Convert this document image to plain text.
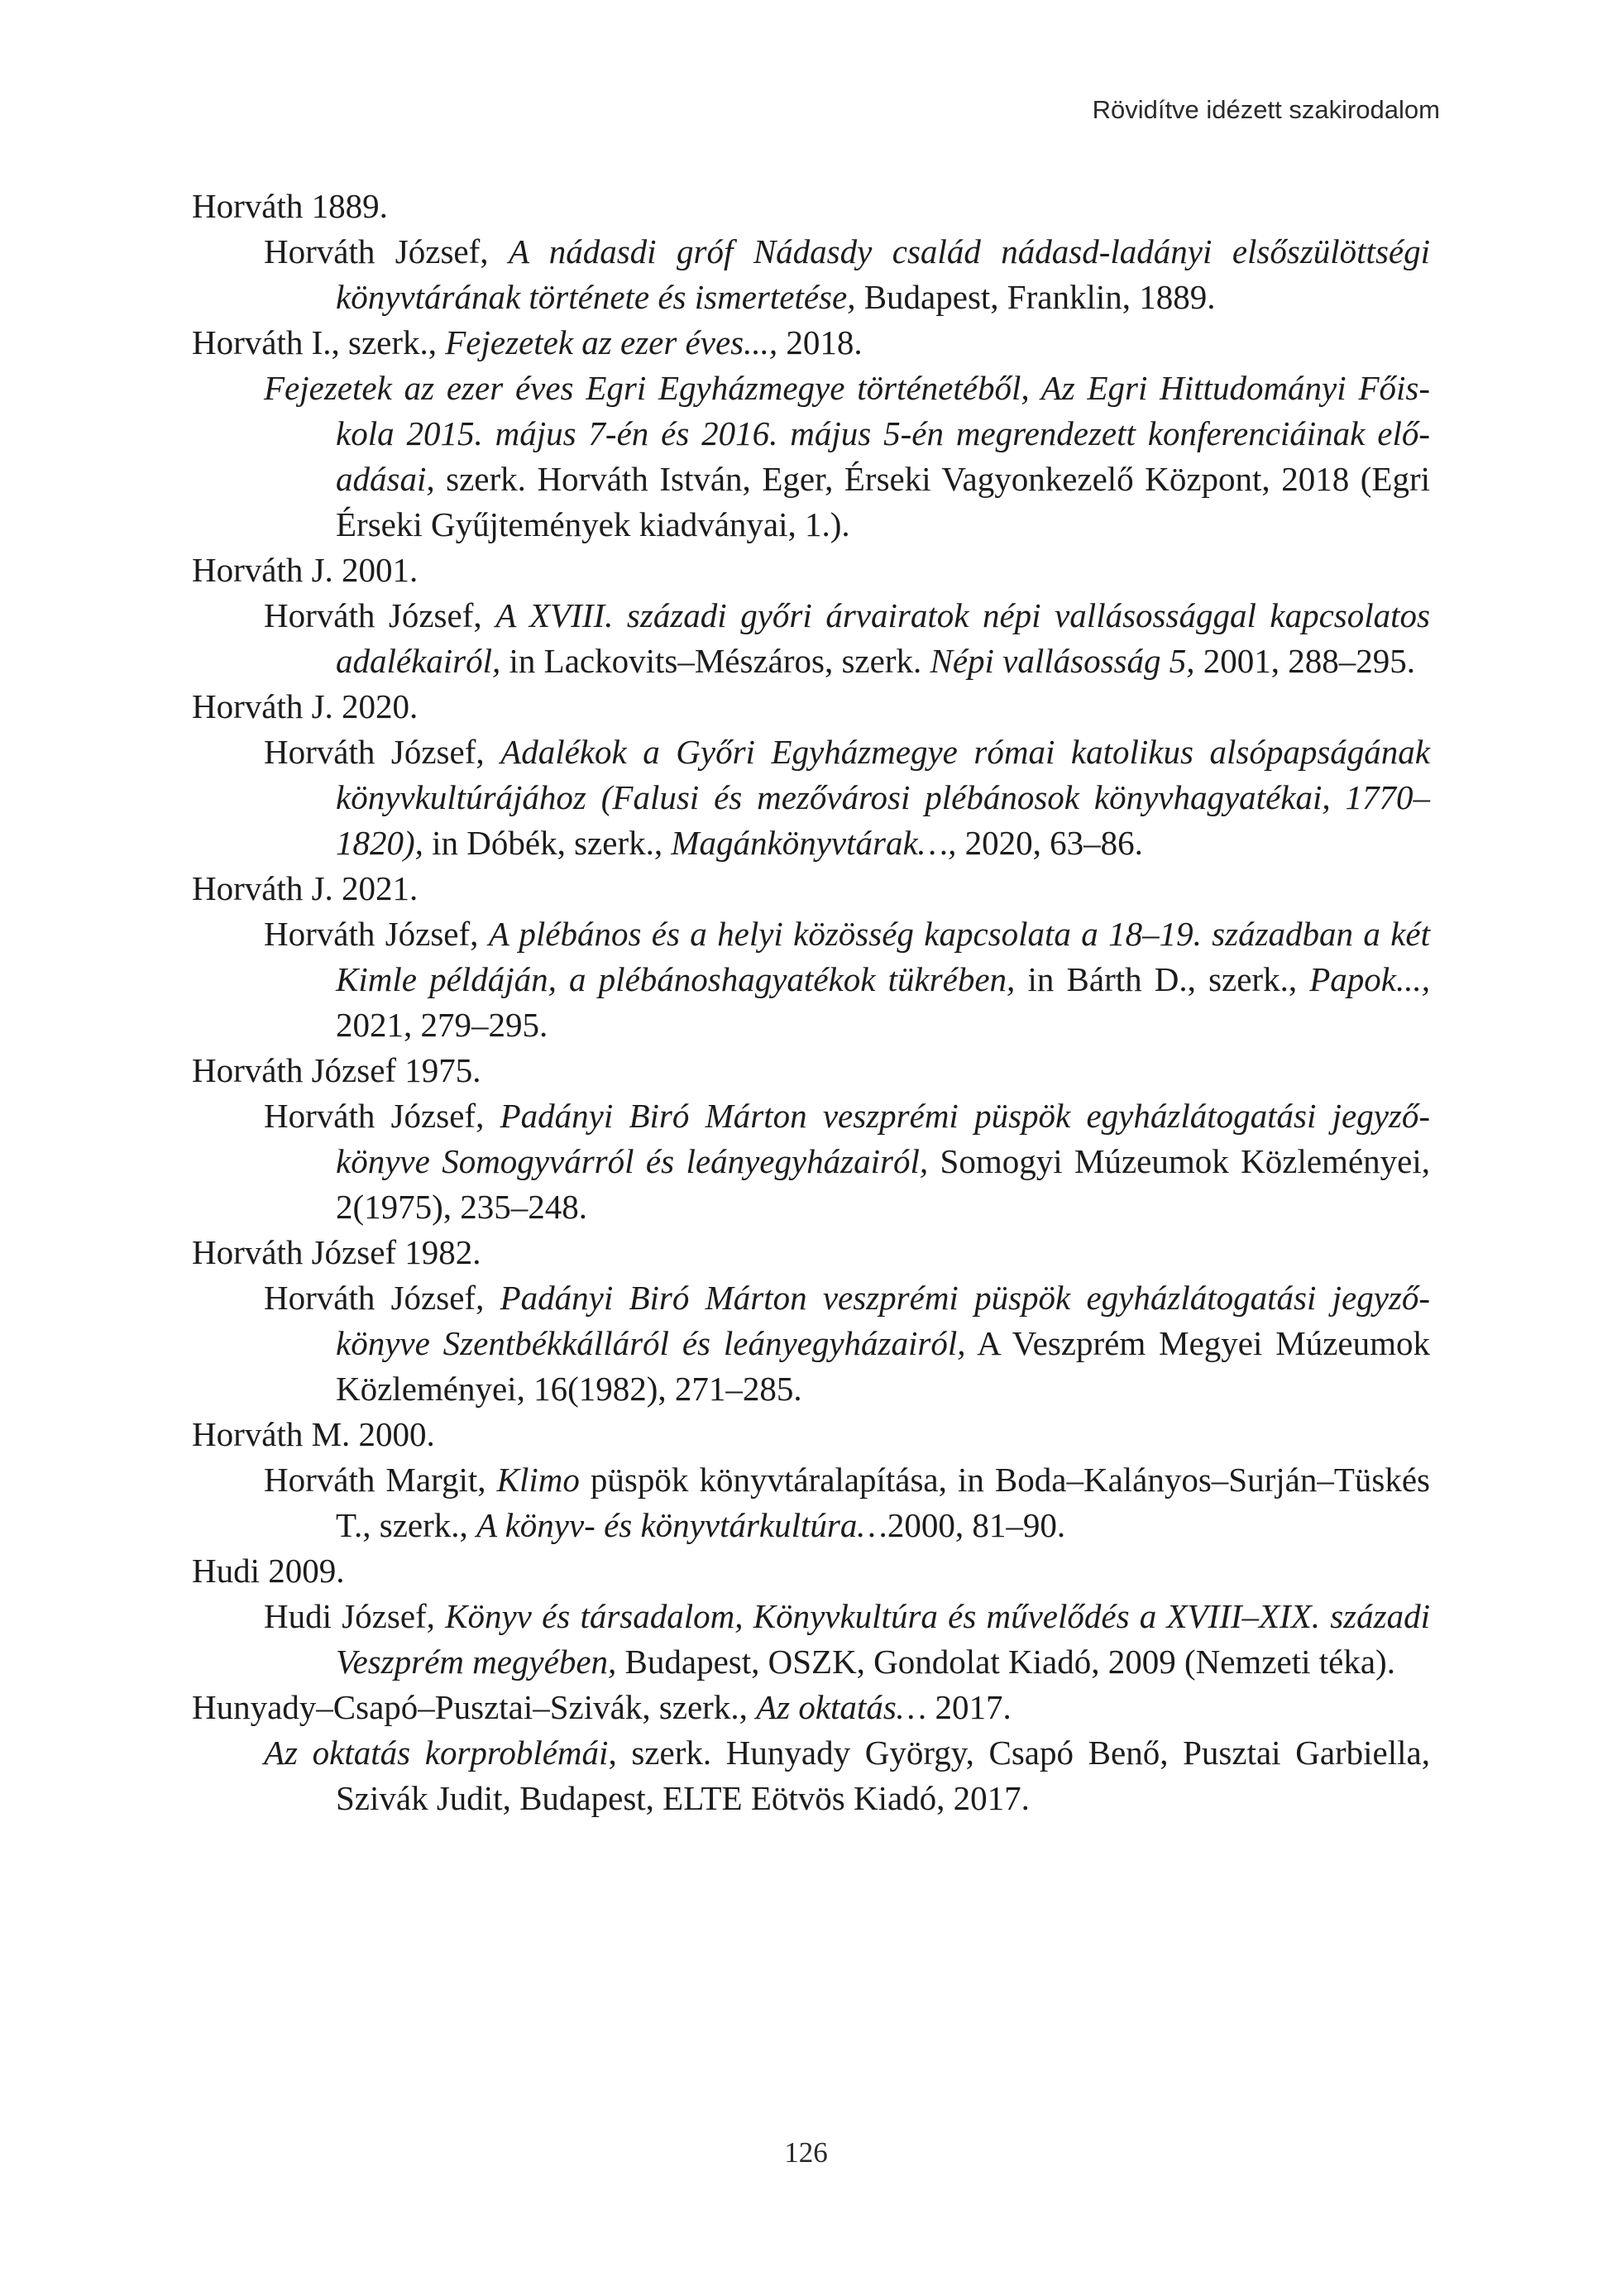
Rövidítve idézett szakirodalom

Horváth 1889.

Horváth József, A nádasdi gróf Nádasdy család nádasd-ladányi elsőszülöttségi könyvtárának története és ismertetése, Budapest, Franklin, 1889.

Horváth I., szerk., Fejezetek az ezer éves..., 2018.

Fejezetek az ezer éves Egri Egyházmegye történetéből, Az Egri Hittudományi Főiskola 2015. május 7-én és 2016. május 5-én megrendezett konferenciáinak előadásai, szerk. Horváth István, Eger, Érseki Vagyonkezelő Központ, 2018 (Egri Érseki Gyűjtemények kiadványai, 1.).

Horváth J. 2001.

Horváth József, A XVIII. századi győri árvairatok népi vallásossággal kapcsolatos adalékairól, in Lackovits–Mészáros, szerk. Népi vallásosság 5, 2001, 288–295.

Horváth J. 2020.

Horváth József, Adalékok a Győri Egyházmegye római katolikus alsópapságának könyvkultúrájához (Falusi és mezővárosi plébánosok könyvhagyatékai, 1770–1820), in Dóbék, szerk., Magánkönyvtárak…, 2020, 63–86.

Horváth J. 2021.

Horváth József, A plébános és a helyi közösség kapcsolata a 18–19. században a két Kimle példáján, a plébánoshagyatékok tükrében, in Bárth D., szerk., Papok..., 2021, 279–295.

Horváth József 1975.

Horváth József, Padányi Biró Márton veszprémi püspök egyházlátogatási jegyzőkönyve Somogyvárról és leányegyházairól, Somogyi Múzeumok Közleményei, 2(1975), 235–248.

Horváth József 1982.

Horváth József, Padányi Biró Márton veszprémi püspök egyházlátogatási jegyzőkönyve Szentbékkálláról és leányegyházairól, A Veszprém Megyei Múzeumok Közleményei, 16(1982), 271–285.

Horváth M. 2000.

Horváth Margit, Klimo püspök könyvtáralapítása, in Boda–Kalányos–Surján–Tüskés T., szerk., A könyv- és könyvtárkultúra…2000, 81–90.

Hudi 2009.

Hudi József, Könyv és társadalom, Könyvkultúra és művelődés a XVIII–XIX. századi Veszprém megyében, Budapest, OSZK, Gondolat Kiadó, 2009 (Nemzeti téka).

Hunyady–Csapó–Pusztai–Szivák, szerk., Az oktatás… 2017.

Az oktatás korproblémái, szerk. Hunyady György, Csapó Benő, Pusztai Garbiella, Szivák Judit, Budapest, ELTE Eötvös Kiadó, 2017.

126
